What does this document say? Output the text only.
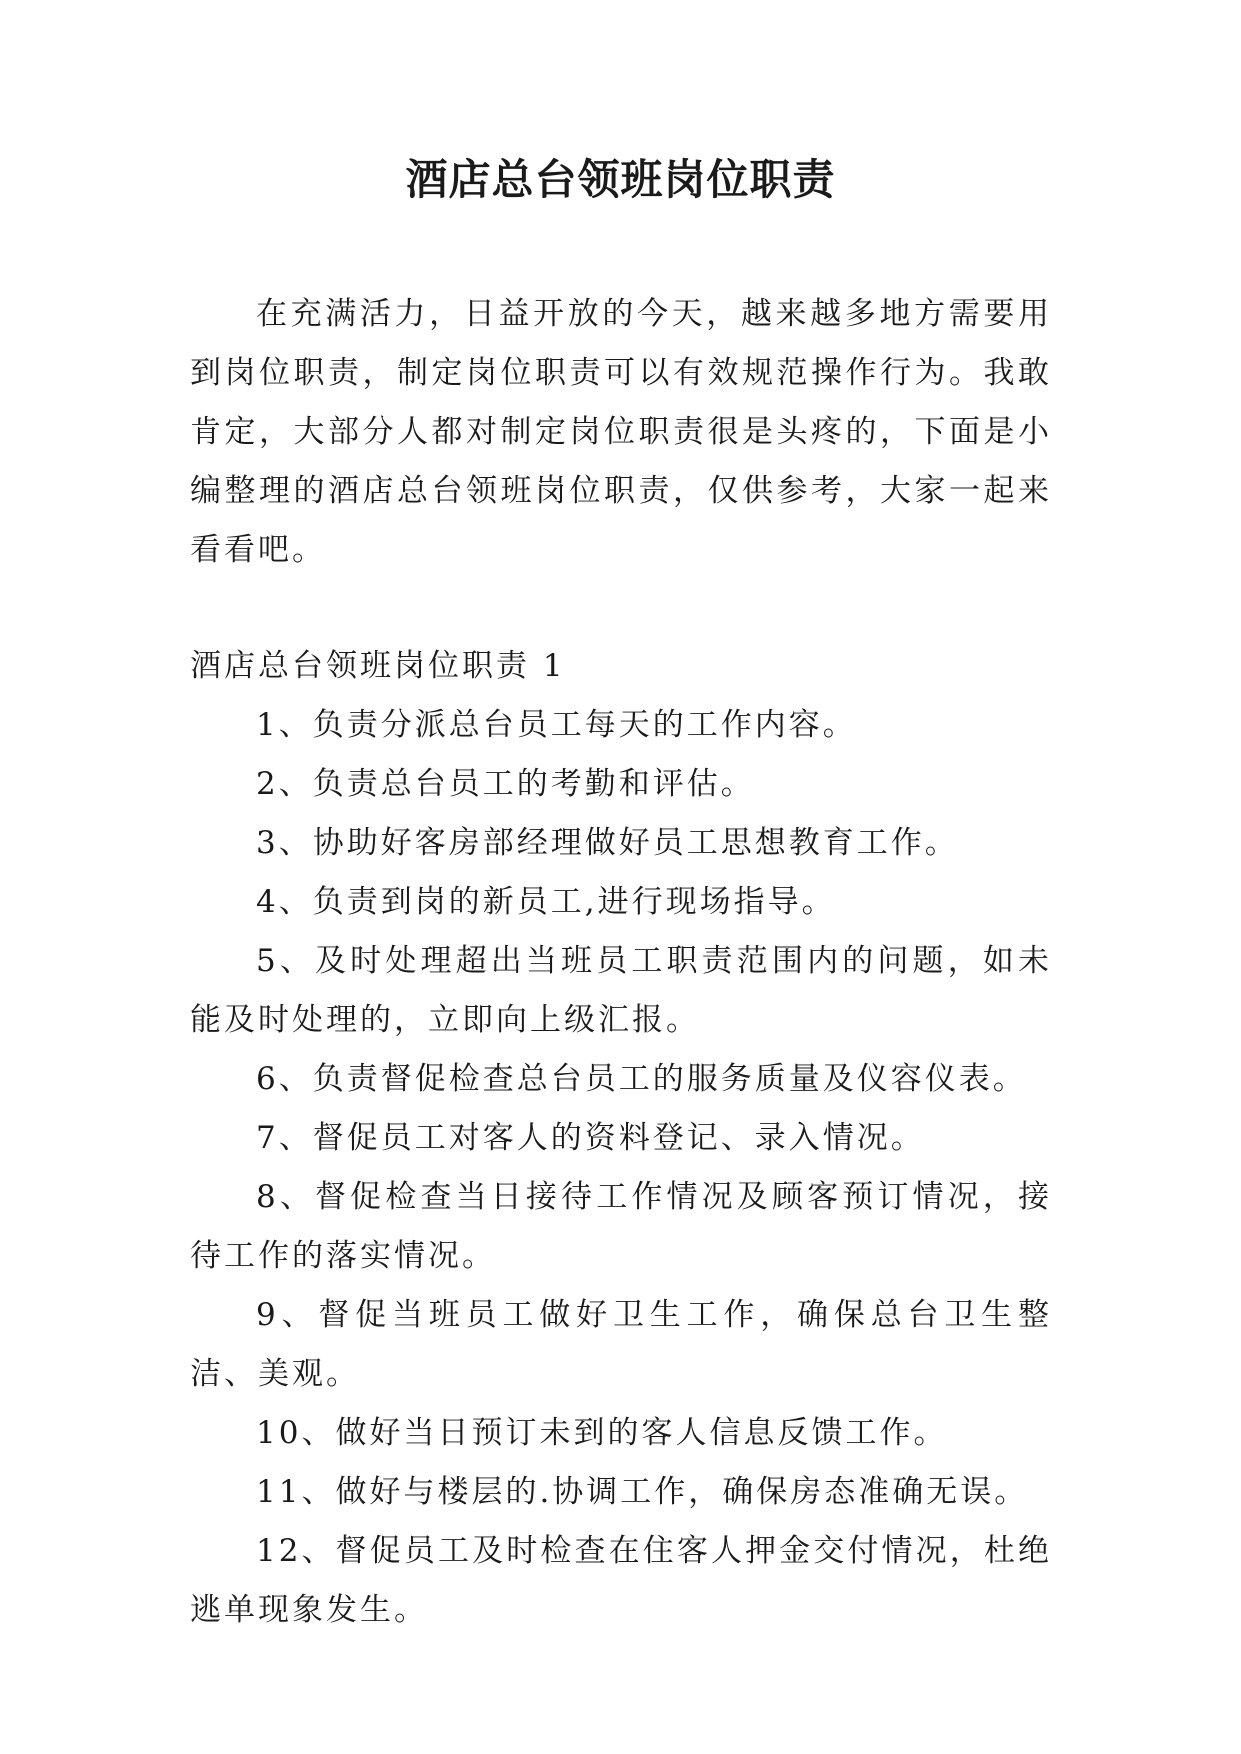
酒店总台领班岗位职责

在充满活力，日益开放的今天，越来越多地方需要用到岗位职责，制定岗位职责可以有效规范操作行为。我敢肯定，大部分人都对制定岗位职责很是头疼的，下面是小编整理的酒店总台领班岗位职责，仅供参考，大家一起来看看吧。

酒店总台领班岗位职责 1

1、负责分派总台员工每天的工作内容。

2、负责总台员工的考勤和评估。

3、协助好客房部经理做好员工思想教育工作。

4、负责到岗的新员工,进行现场指导。

5、及时处理超出当班员工职责范围内的问题，如未能及时处理的，立即向上级汇报。

6、负责督促检查总台员工的服务质量及仪容仪表。

7、督促员工对客人的资料登记、录入情况。

8、督促检查当日接待工作情况及顾客预订情况，接待工作的落实情况。

9、督促当班员工做好卫生工作，确保总台卫生整洁、美观。

10、做好当日预订未到的客人信息反馈工作。

11、做好与楼层的.协调工作，确保房态准确无误。

12、督促员工及时检查在住客人押金交付情况，杜绝逃单现象发生。
